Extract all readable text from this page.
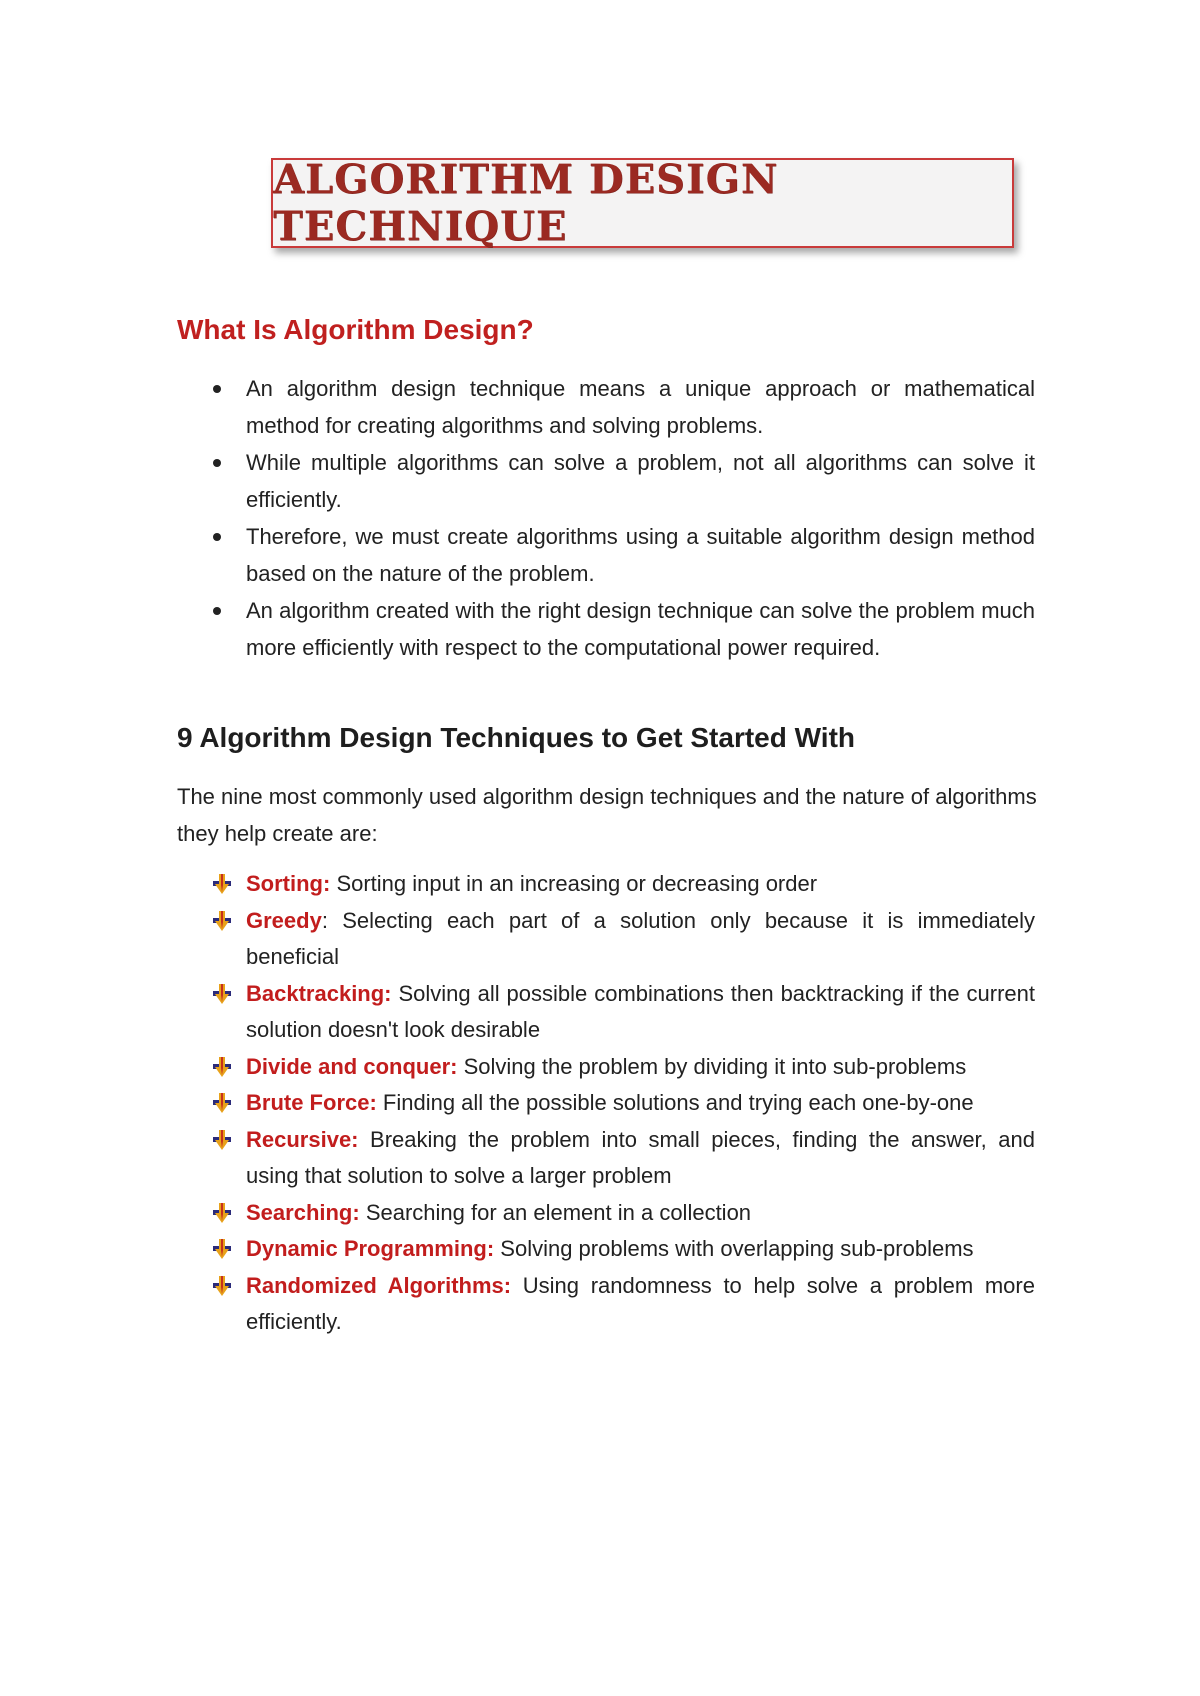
ALGORITHM DESIGN TECHNIQUE
What Is Algorithm Design?
An algorithm design technique means a unique approach or mathematical method for creating algorithms and solving problems.
While multiple algorithms can solve a problem, not all algorithms can solve it efficiently.
Therefore, we must create algorithms using a suitable algorithm design method based on the nature of the problem.
An algorithm created with the right design technique can solve the problem much more efficiently with respect to the computational power required.
9 Algorithm Design Techniques to Get Started With

The nine most commonly used algorithm design techniques and the nature of algorithms they help create are:

Sorting: Sorting input in an increasing or decreasing order
Greedy: Selecting each part of a solution only because it is immediately beneficial
Backtracking: Solving all possible combinations then backtracking if the current solution doesn't look desirable
Divide and conquer: Solving the problem by dividing it into sub-problems
Brute Force: Finding all the possible solutions and trying each one-by-one
Recursive: Breaking the problem into small pieces, finding the answer, and using that solution to solve a larger problem
Searching: Searching for an element in a collection
Dynamic Programming: Solving problems with overlapping sub-problems
Randomized Algorithms: Using randomness to help solve a problem more efficiently.
